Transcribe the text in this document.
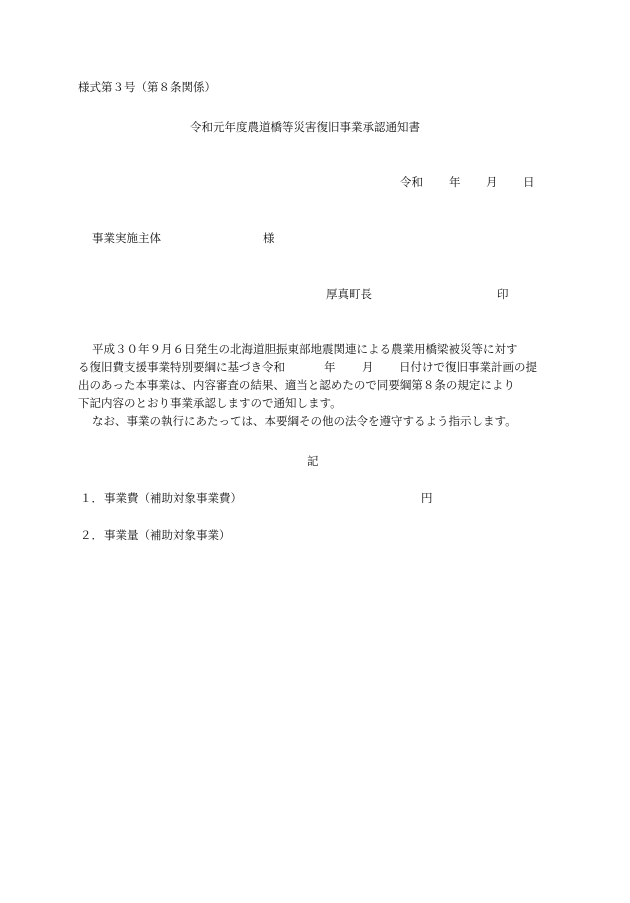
様式第３号（第８条関係）
令和元年度農道橋等災害復旧事業承認通知書
令和 年 月 日
事業実施主体	様
厚真町長	印
平成３０年９月６日発生の北海道胆振東部地震関連による農業用橋梁被災等に対す
る復旧費支援事業特別要綱に基づき令和	年 月 日付けで復旧事業計画の提
出のあった本事業は、内容審査の結果、適当と認めたので同要綱第８条の規定により
下記内容のとおり事業承認しますので通知します。
なお、事業の執行にあたっては、本要綱その他の法令を遵守するよう指示します。
記
１． 事業費（補助対象事業費）	円
２． 事業量（補助対象事業）
